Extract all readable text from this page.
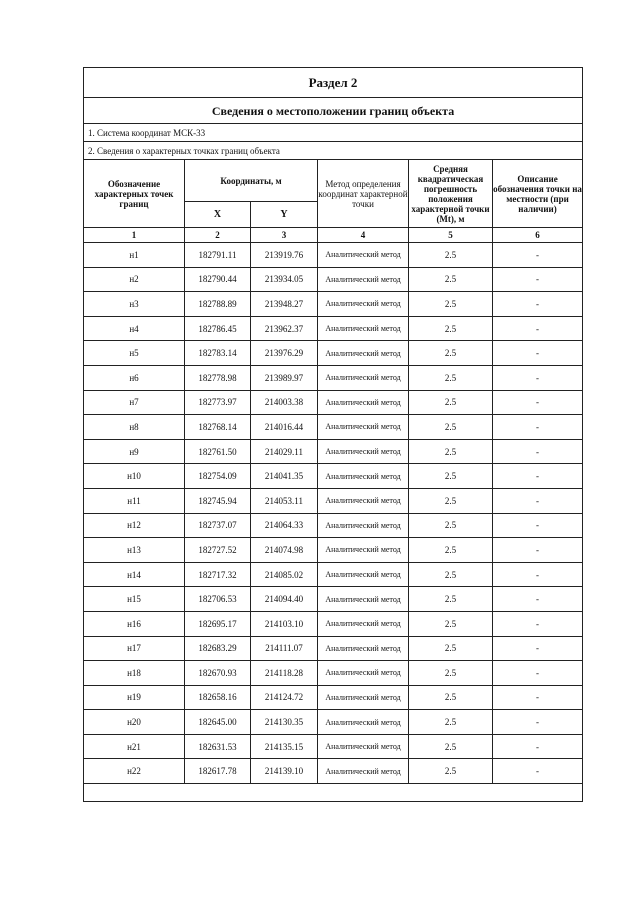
Раздел 2					
Сведения о местоположении границ объекта					
1. Система координат МСК-33					
2. Сведения о характерных точках границ объекта					
Обозначение характерных точек границ	Координаты, м		Метод определения координат характерной точки	Средняя квадратическая погрешность положения характерной точки (Mt), м	Описание обозначения точки на местности (при наличии)
	X	Y			
1	2	3	4	5	6
н1	182791.11	213919.76	Аналитический метод	2.5	-
н2	182790.44	213934.05	Аналитический метод	2.5	-
н3	182788.89	213948.27	Аналитический метод	2.5	-
н4	182786.45	213962.37	Аналитический метод	2.5	-
н5	182783.14	213976.29	Аналитический метод	2.5	-
н6	182778.98	213989.97	Аналитический метод	2.5	-
н7	182773.97	214003.38	Аналитический метод	2.5	-
н8	182768.14	214016.44	Аналитический метод	2.5	-
н9	182761.50	214029.11	Аналитический метод	2.5	-
н10	182754.09	214041.35	Аналитический метод	2.5	-
н11	182745.94	214053.11	Аналитический метод	2.5	-
н12	182737.07	214064.33	Аналитический метод	2.5	-
н13	182727.52	214074.98	Аналитический метод	2.5	-
н14	182717.32	214085.02	Аналитический метод	2.5	-
н15	182706.53	214094.40	Аналитический метод	2.5	-
н16	182695.17	214103.10	Аналитический метод	2.5	-
н17	182683.29	214111.07	Аналитический метод	2.5	-
н18	182670.93	214118.28	Аналитический метод	2.5	-
н19	182658.16	214124.72	Аналитический метод	2.5	-
н20	182645.00	214130.35	Аналитический метод	2.5	-
н21	182631.53	214135.15	Аналитический метод	2.5	-
н22	182617.78	214139.10	Аналитический метод	2.5	-
